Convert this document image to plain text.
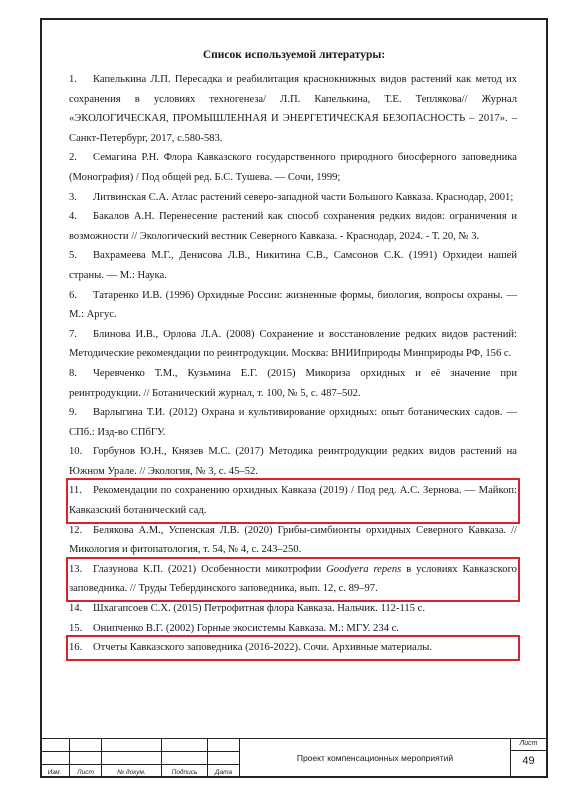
Список используемой литературы:
1. Капелькина Л.П. Пересадка и реабилитация краснокнижных видов растений как метод их сохранения в условиях техногенеза/ Л.П. Капелькина, Т.Е. Теплякова// Журнал «ЭКОЛОГИЧЕСКАЯ, ПРОМЫШЛЕННАЯ И ЭНЕРГЕТИЧЕСКАЯ БЕЗОПАСНОСТЬ – 2017». – Санкт-Петербург, 2017, с.580-583.
2. Семагина Р.Н. Флора Кавказского государственного природного биосферного заповедника (Монография) / Под общей ред. Б.С. Тушева. — Сочи, 1999;
3. Литвинская С.А. Атлас растений северо-западной части Большого Кавказа. Краснодар, 2001;
4. Бакалов А.Н. Перенесение растений как способ сохранения редких видов: ограничения и возможности // Экологический вестник Северного Кавказа. - Краснодар, 2024. - Т. 20, № 3.
5. Вахрамеева М.Г., Денисова Л.В., Никитина С.В., Самсонов С.К. (1991) Орхидеи нашей страны. — М.: Наука.
6. Татаренко И.В. (1996) Орхидные России: жизненные формы, биология, вопросы охраны. — М.: Аргус.
7. Блинова И.В., Орлова Л.А. (2008) Сохранение и восстановление редких видов растений: Методические рекомендации по реинтродукции. Москва: ВНИИприроды Минприроды РФ, 156 с.
8. Черевченко Т.М., Кузьмина Е.Г. (2015) Микориза орхидных и её значение при реинтродукции. // Ботанический журнал, т. 100, № 5, с. 487–502.
9. Варлыгина Т.И. (2012) Охрана и культивирование орхидных: опыт ботанических садов. — СПб.: Изд-во СПбГУ.
10. Горбунов Ю.Н., Князев М.С. (2017) Методика реинтродукции редких видов растений на Южном Урале. // Экология, № 3, с. 45–52.
11. Рекомендации по сохранению орхидных Кавказа (2019) / Под ред. А.С. Зернова. — Майкоп: Кавказский ботанический сад.
12. Белякова А.М., Успенская Л.В. (2020) Грибы-симбионты орхидных Северного Кавказа. // Микология и фитопатология, т. 54, № 4, с. 243–250.
13. Глазунова К.П. (2021) Особенности микотрофии Goodyera repens в условиях Кавказского заповедника. // Труды Тебердинского заповедника, вып. 12, с. 89–97.
14. Шхагапсоев С.Х. (2015) Петрофитная флора Кавказа. Нальчик. 112-115 с.
15. Онипченко В.Г. (2002) Горные экосистемы Кавказа. М.: МГУ. 234 с.
16. Отчеты Кавказского заповедника (2016-2022). Сочи. Архивные материалы.
Изм.	Лист	№ докум.	Подпись	Дата
Проект компенсационных мероприятий
Лист
49
